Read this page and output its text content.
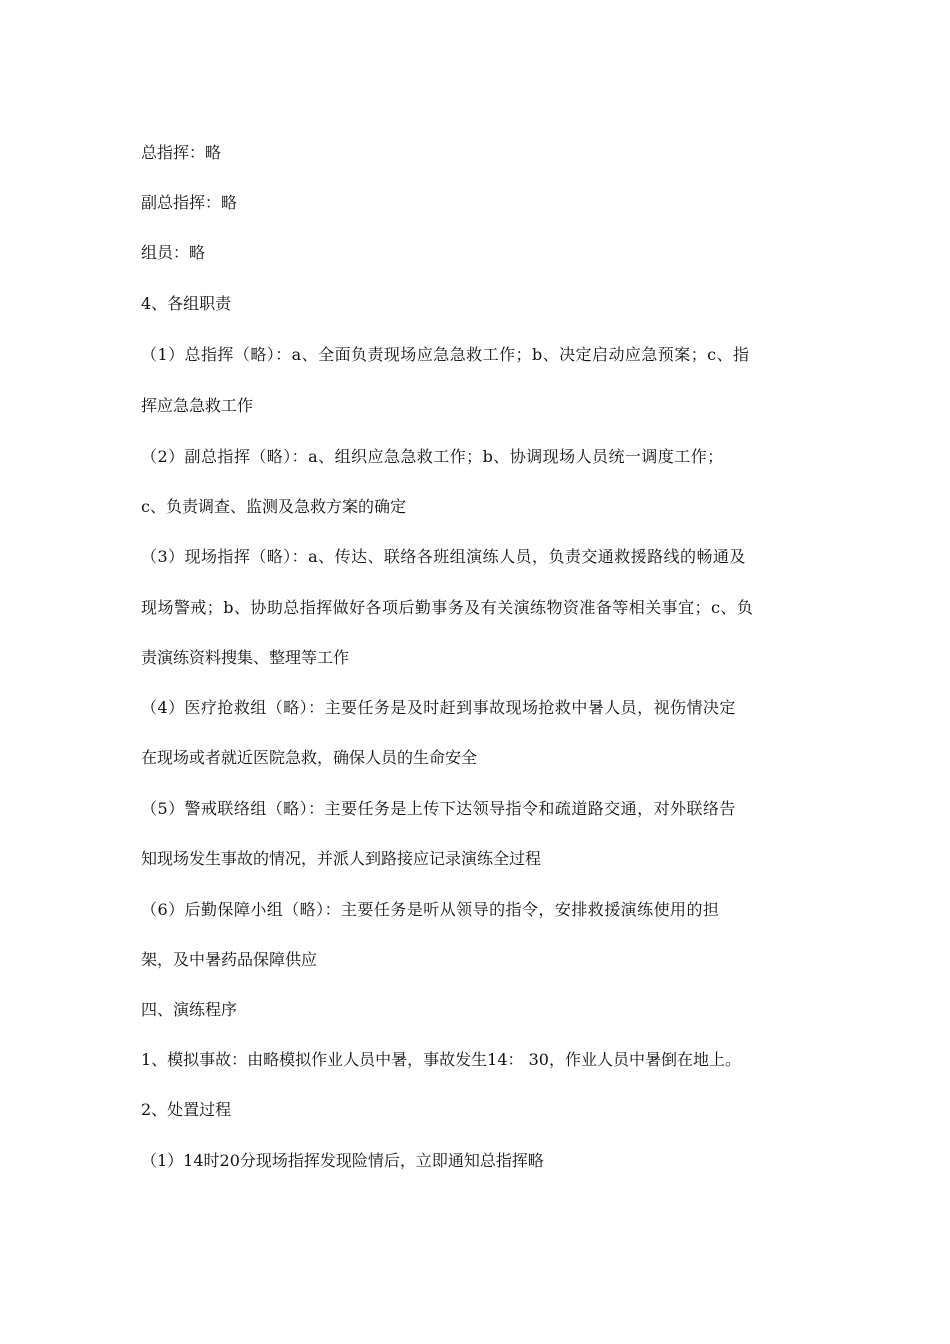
总指挥：略
副总指挥：略
组员：略
4、各组职责
（1）总指挥（略）：a、全面负责现场应急急救工作；b、决定启动应急预案；c、指
挥应急急救工作
（2）副总指挥（略）：a、组织应急急救工作；b、协调现场人员统一调度工作；
c、负责调查、监测及急救方案的确定
（3）现场指挥（略）：a、传达、联络各班组演练人员，负责交通救援路线的畅通及
现场警戒；b、协助总指挥做好各项后勤事务及有关演练物资准备等相关事宜；c、负
责演练资料搜集、整理等工作
（4）医疗抢救组（略）：主要任务是及时赶到事故现场抢救中暑人员，视伤情决定
在现场或者就近医院急救，确保人员的生命安全
（5）警戒联络组（略）：主要任务是上传下达领导指令和疏道路交通，对外联络告
知现场发生事故的情况，并派人到路接应记录演练全过程
（6）后勤保障小组（略）：主要任务是听从领导的指令，安排救援演练使用的担
架，及中暑药品保障供应
四、演练程序
1、模拟事故：由略模拟作业人员中暑，事故发生14： 30，作业人员中暑倒在地上。
2、处置过程
（1）14时20分现场指挥发现险情后，立即通知总指挥略
